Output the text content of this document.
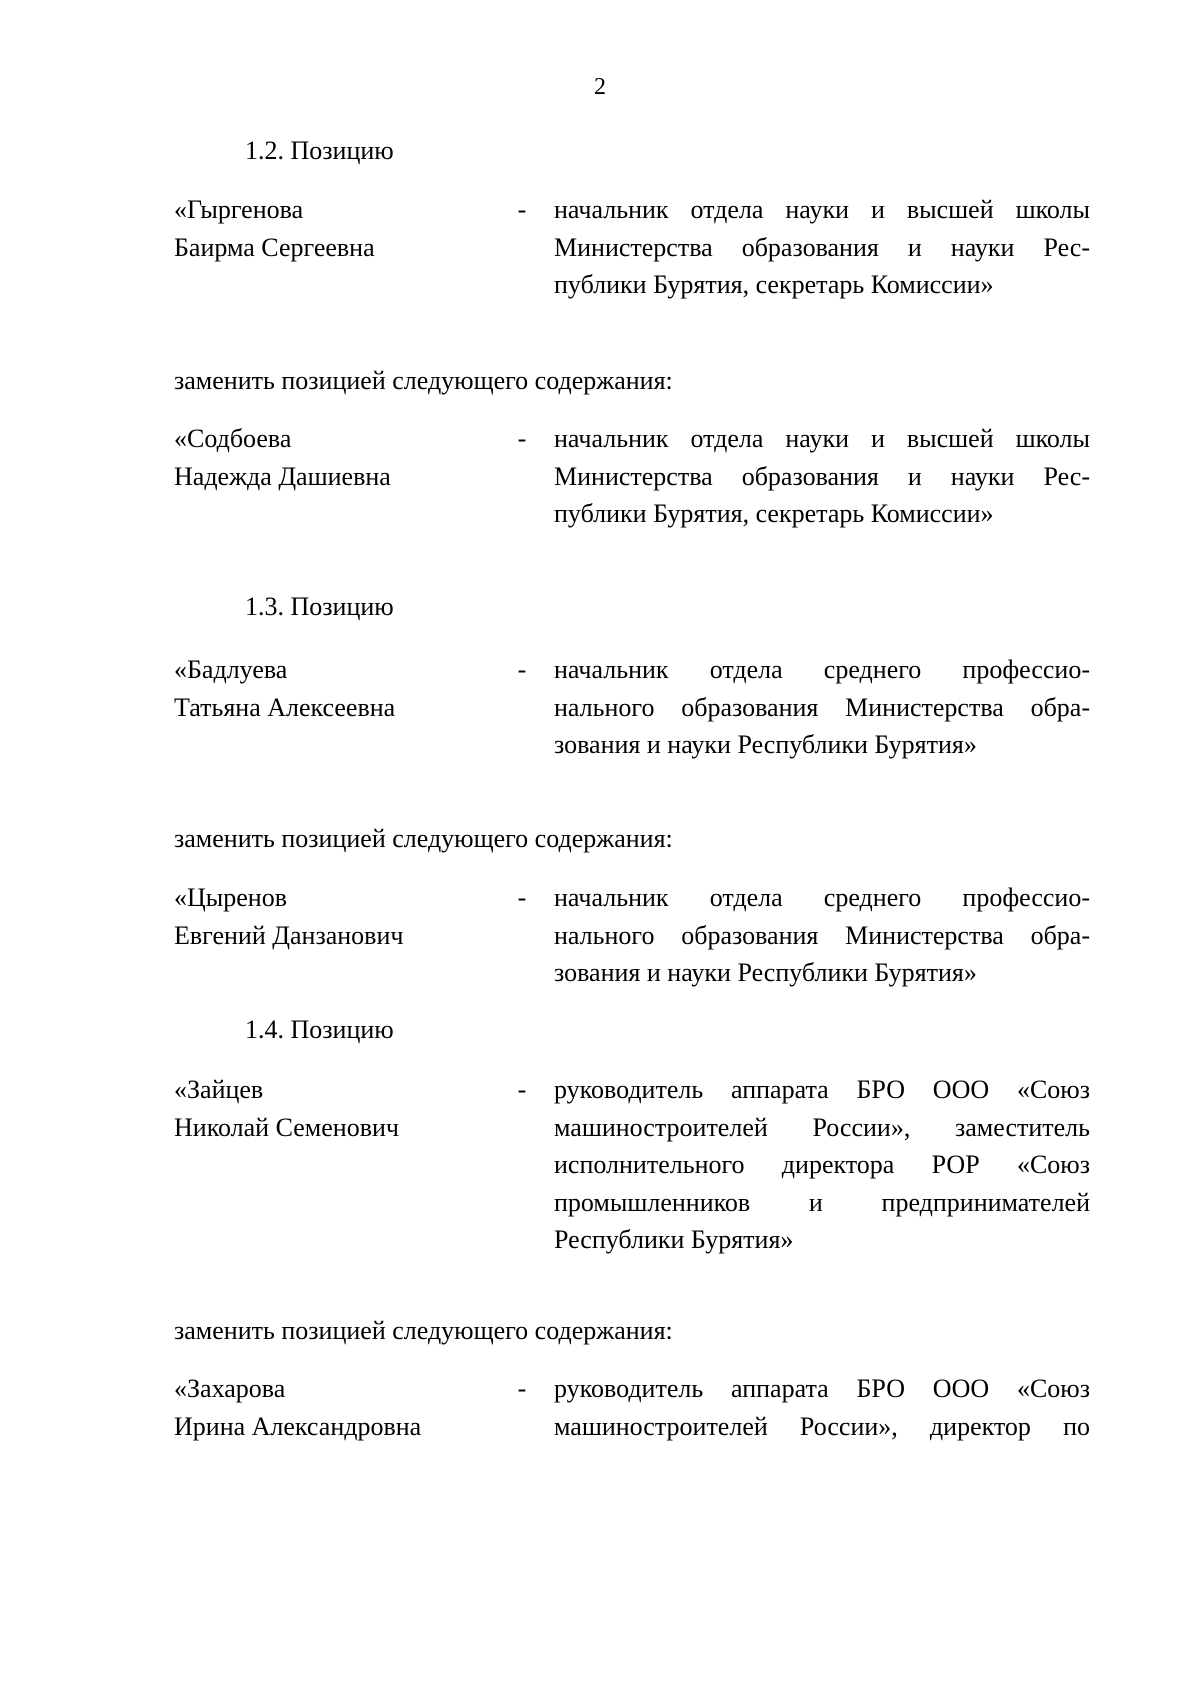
2
1.2. Позицию
«Гыргенова
Баирма Сергеевна
- начальник отдела науки и высшей школы
Министерства образования и науки Рес-
публики Бурятия, секретарь Комиссии»
заменить позицией следующего содержания:
«Содбоева
Надежда Дашиевна
- начальник отдела науки и высшей школы
Министерства образования и науки Рес-
публики Бурятия, секретарь Комиссии»
1.3. Позицию
«Бадлуева
Татьяна Алексеевна
- начальник отдела среднего профессио-
нального образования Министерства обра-
зования и науки Республики Бурятия»
заменить позицией следующего содержания:
«Цыренов
Евгений Данзанович
- начальник отдела среднего профессио-
нального образования Министерства обра-
зования и науки Республики Бурятия»
1.4. Позицию
«Зайцев
Николай Семенович
- руководитель аппарата БРО ООО «Союз
машиностроителей России», заместитель
исполнительного директора РОР «Союз
промышленников и предпринимателей
Республики Бурятия»
заменить позицией следующего содержания:
«Захарова
Ирина Александровна
- руководитель аппарата БРО ООО «Союз
машиностроителей России», директор по
